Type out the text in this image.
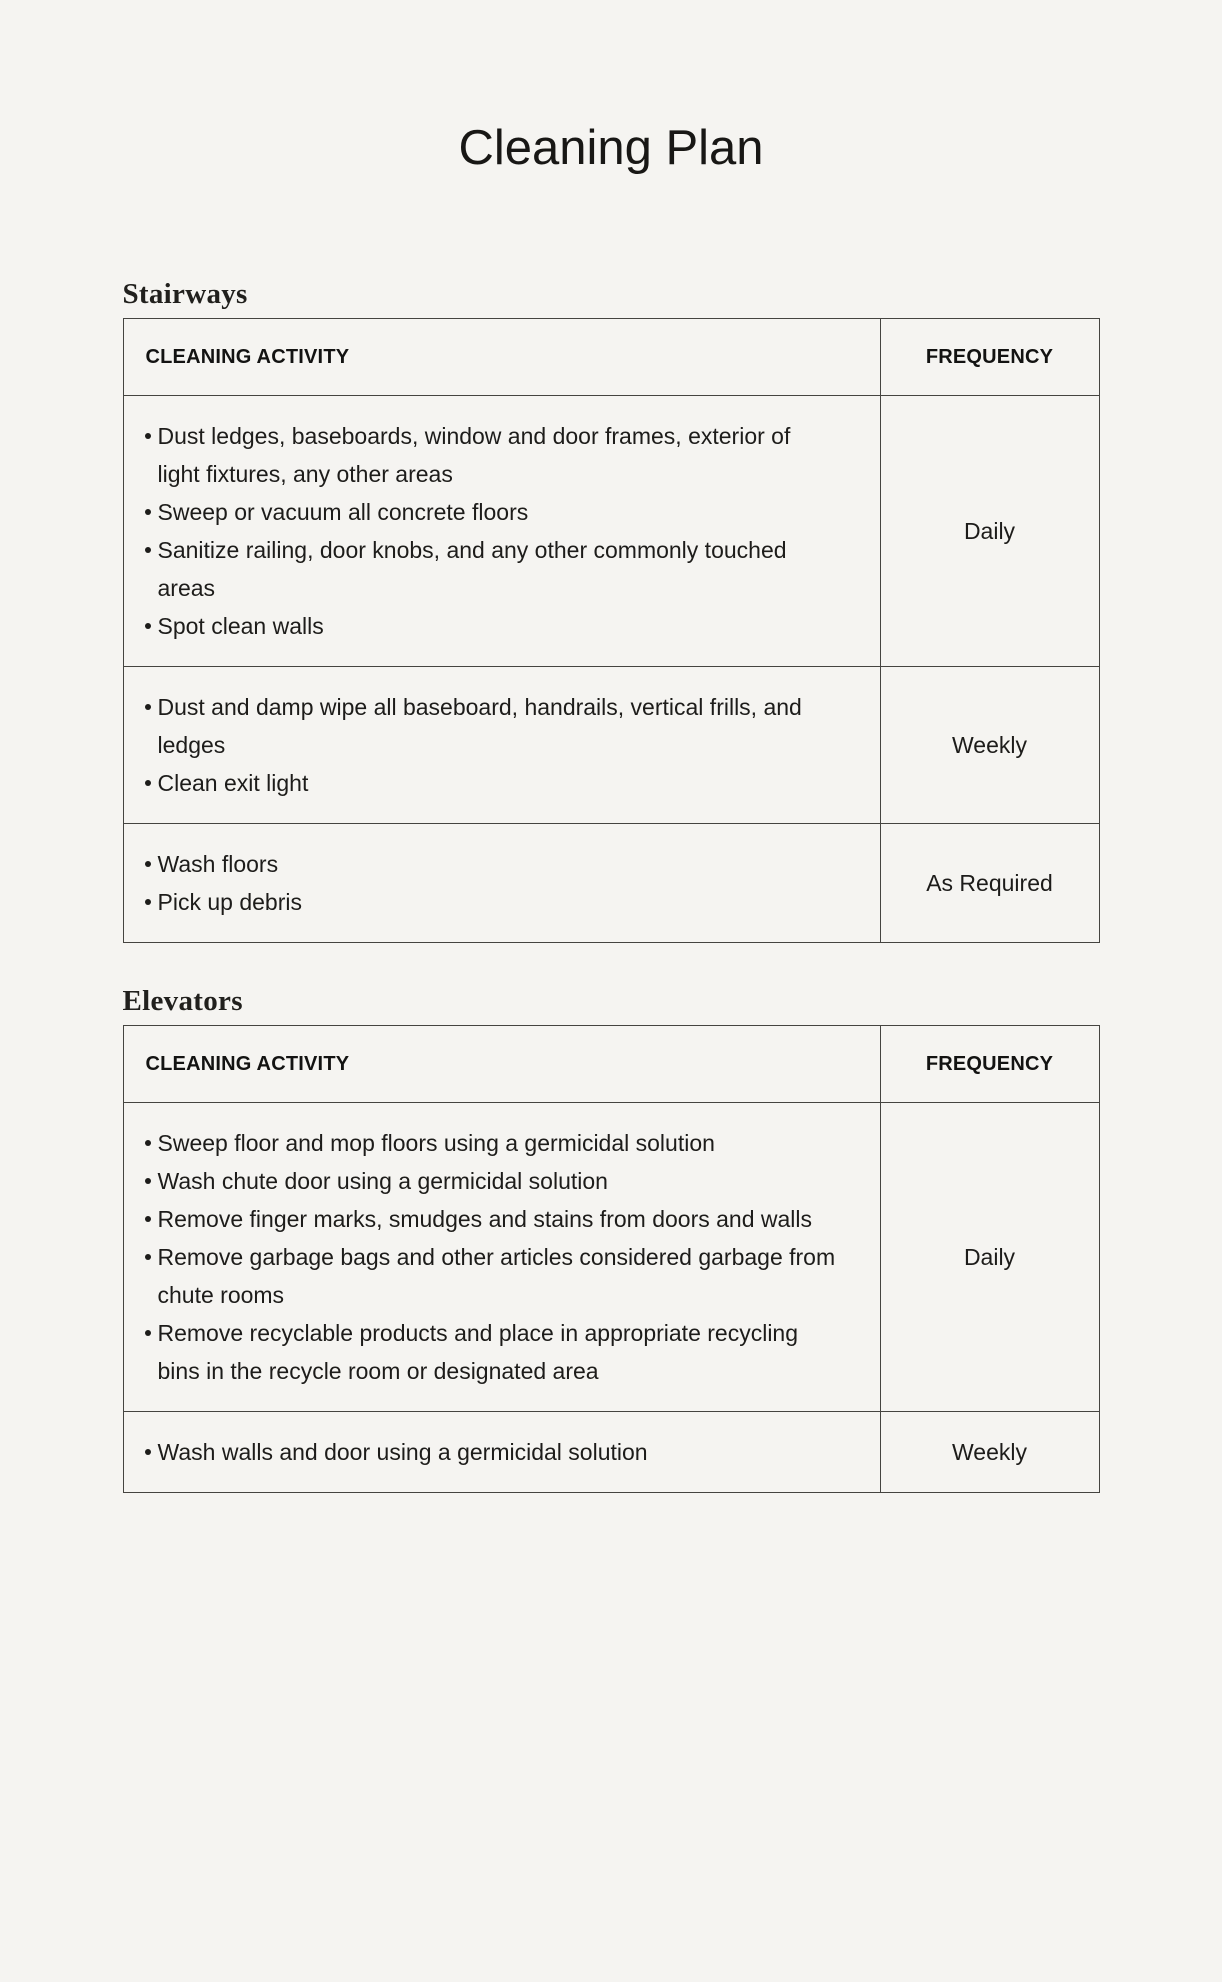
Cleaning Plan
Stairways
CLEANING ACTIVITY	FREQUENCY

Dust ledges, baseboards, window and door frames, exterior of light fixtures, any other areas
Sweep or vacuum all concrete floors
Sanitize railing, door knobs, and any other commonly touched areas
Spot clean walls
	Daily

Dust and damp wipe all baseboard, handrails, vertical frills, and ledges
Clean exit light
	Weekly

Wash floors
Pick up debris
	As Required
Elevators
CLEANING ACTIVITY	FREQUENCY

Sweep floor and mop floors using a germicidal solution
Wash chute door using a germicidal solution
Remove finger marks, smudges and stains from doors and walls
Remove garbage bags and other articles considered garbage from chute rooms
Remove recyclable products and place in appropriate recycling bins in the recycle room or designated area
	Daily

Wash walls and door using a germicidal solution	Weekly
